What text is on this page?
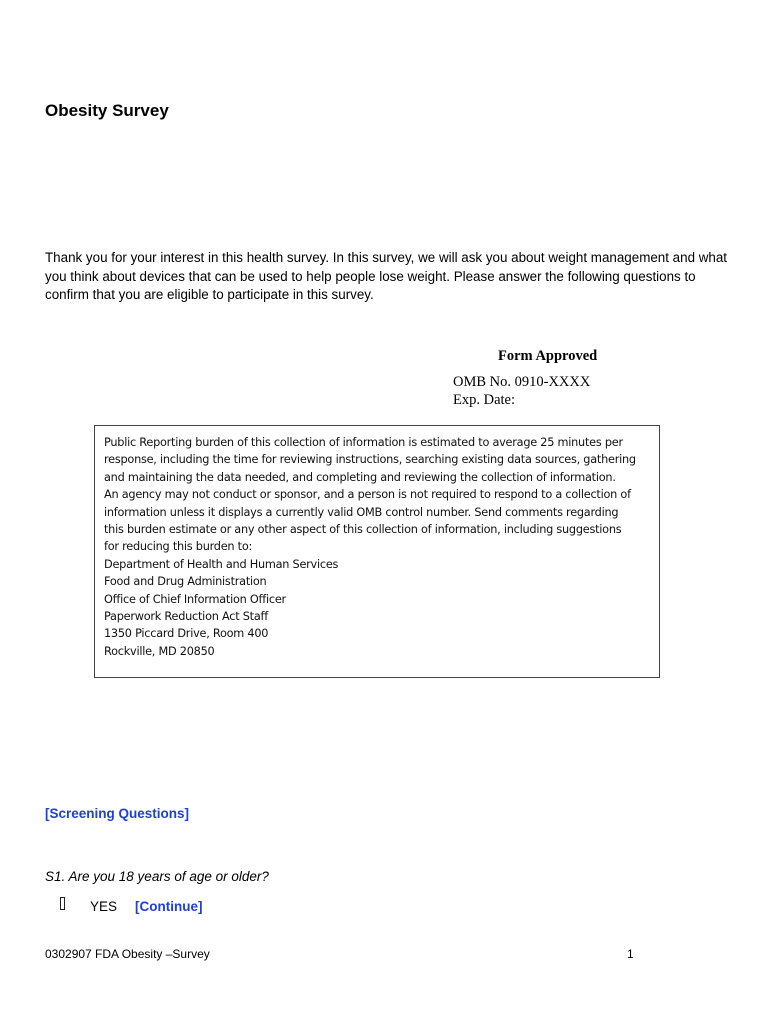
Obesity Survey
Thank you for your interest in this health survey. In this survey, we will ask you about weight management and what you think about devices that can be used to help people lose weight. Please answer the following questions to confirm that you are eligible to participate in this survey.
Form Approved
OMB No. 0910-XXXX
Exp. Date:
Public Reporting burden of this collection of information is estimated to average 25 minutes per
response, including the time for reviewing instructions, searching existing data sources, gathering
and maintaining the data needed, and completing and reviewing the collection of information.
An agency may not conduct or sponsor, and a person is not required to respond to a collection of
information unless it displays a currently valid OMB control number. Send comments regarding
this burden estimate or any other aspect of this collection of information, including suggestions
for reducing this burden to:
Department of Health and Human Services
Food and Drug Administration
Office of Chief Information Officer
Paperwork Reduction Act Staff
1350 Piccard Drive, Room 400
Rockville, MD 20850
[Screening Questions]
S1. Are you 18 years of age or older?
YES [Continue]
0302907 FDA Obesity –Survey	1
